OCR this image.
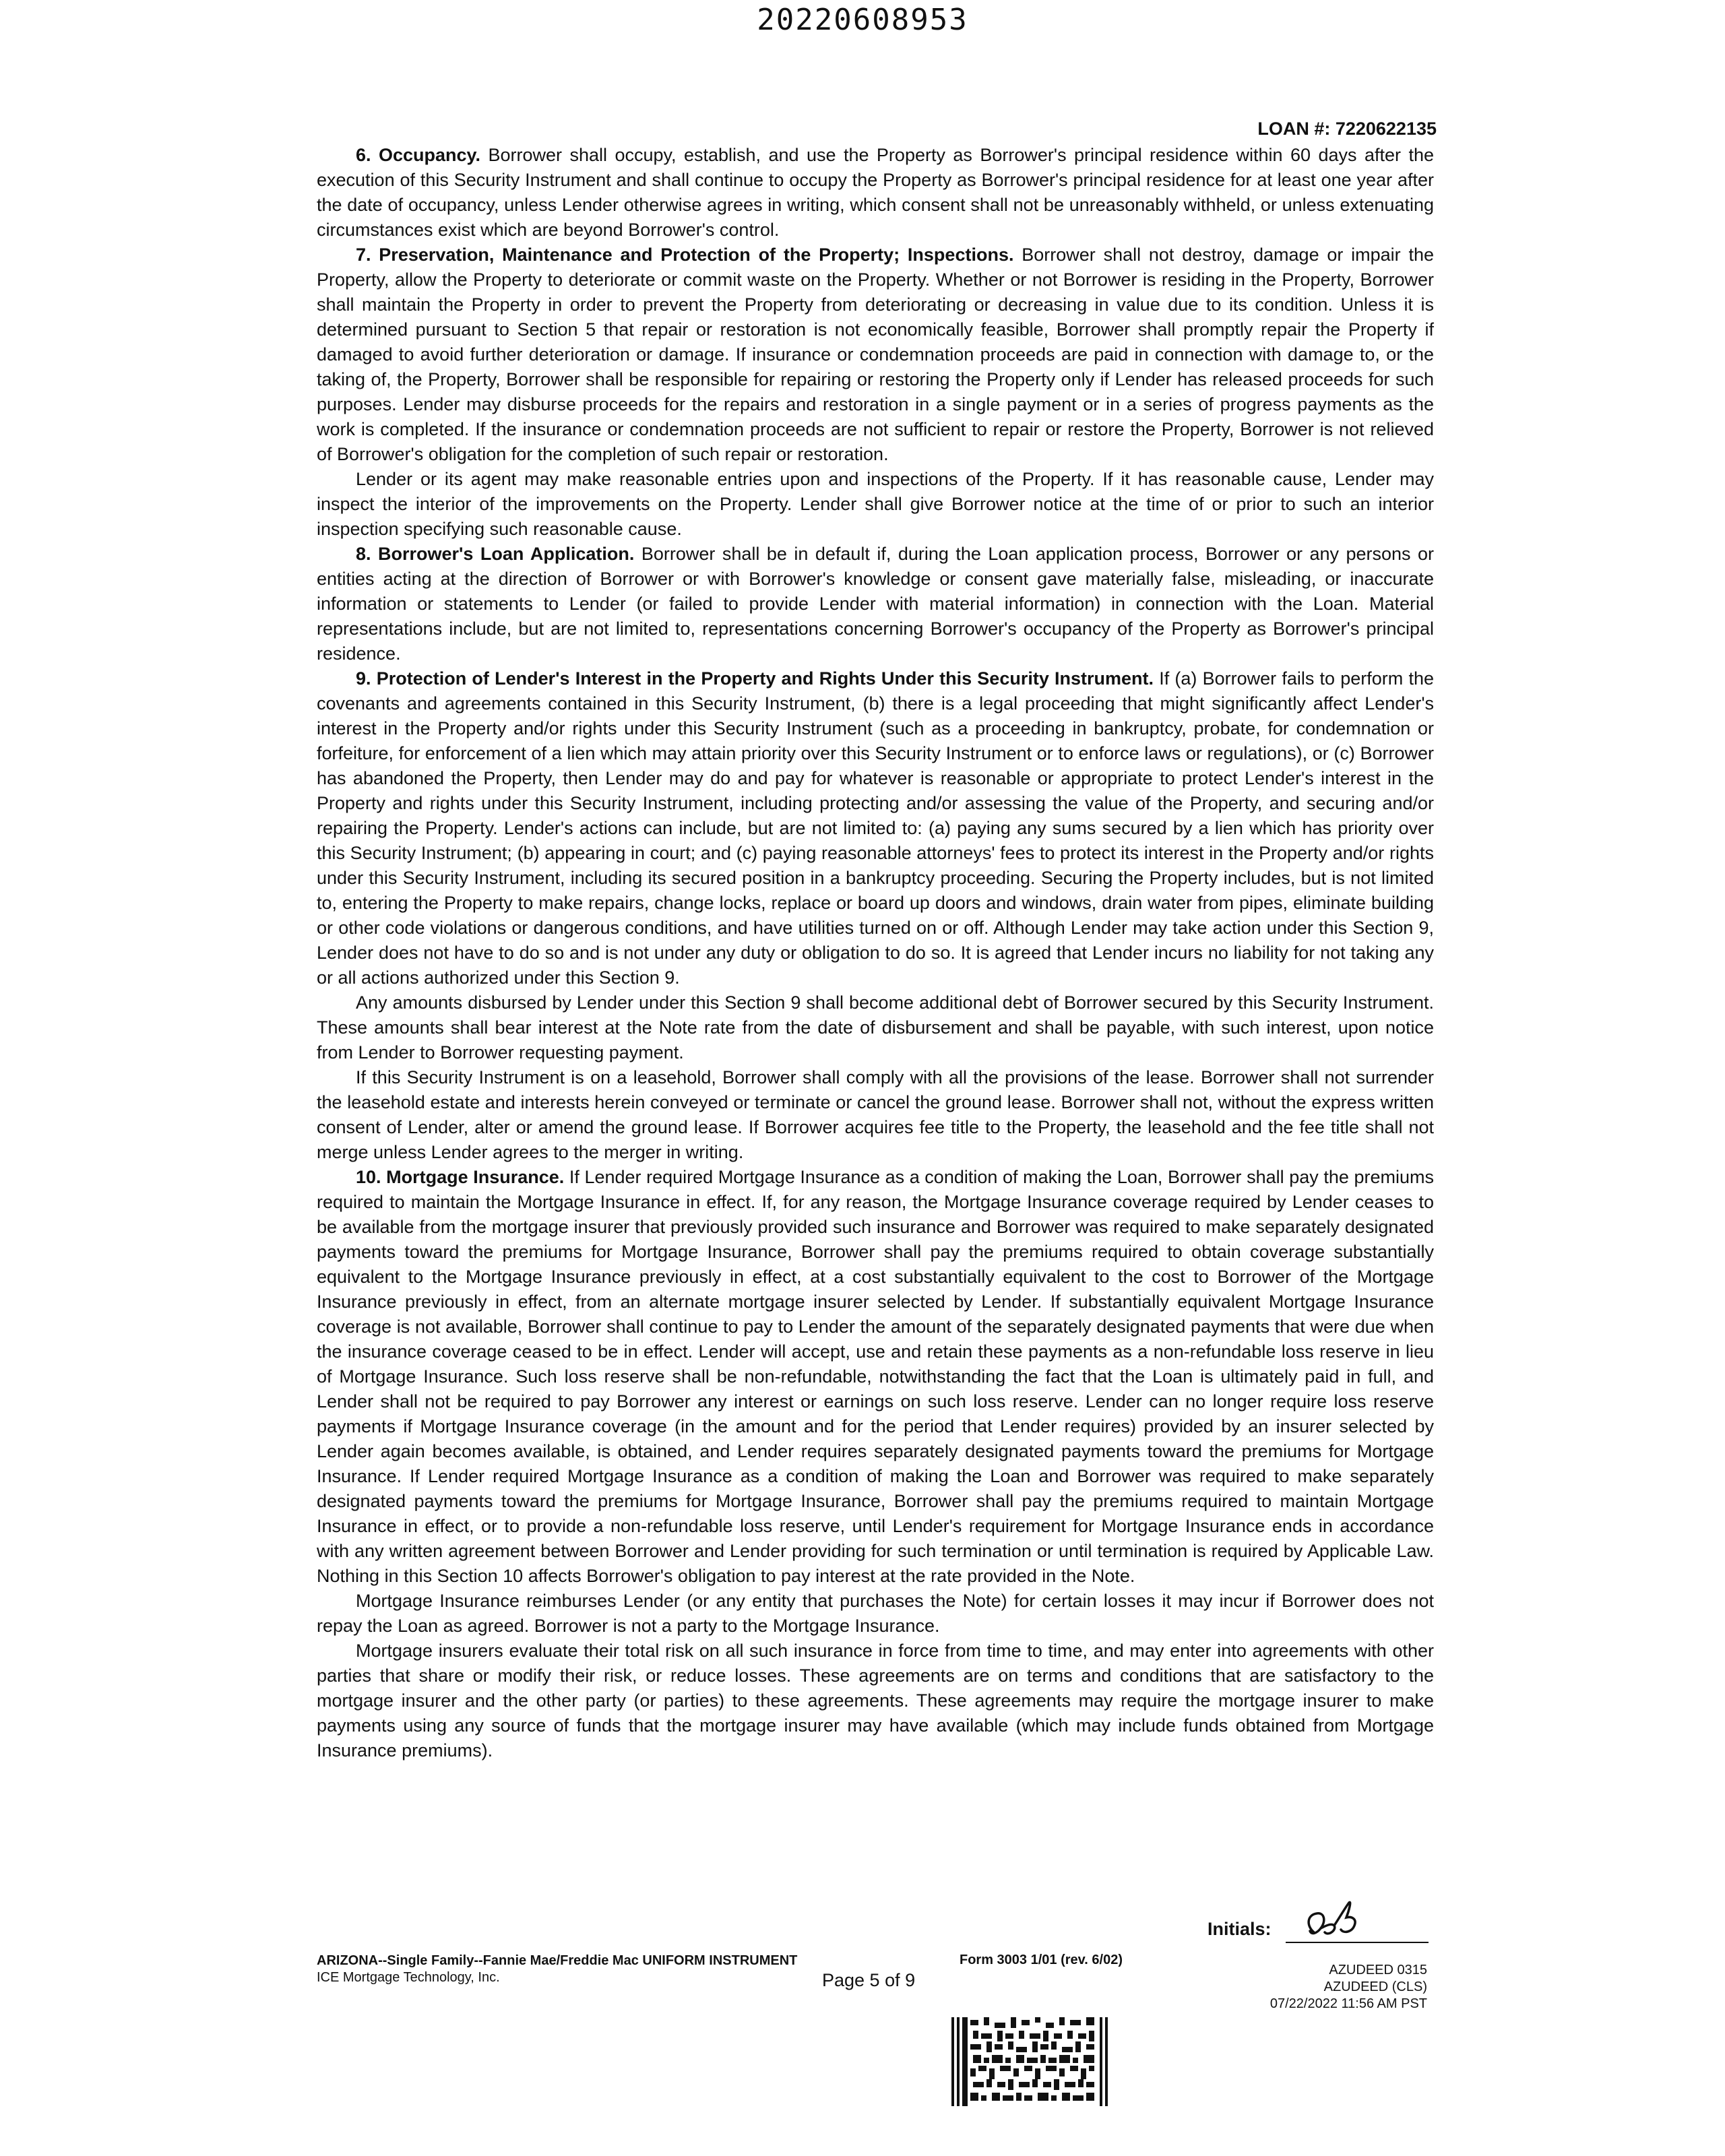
20220608953
LOAN #: 7220622135

6. Occupancy. Borrower shall occupy, establish, and use the Property as Borrower's principal residence within 60 days after the execution of this Security Instrument and shall continue to occupy the Property as Borrower's principal residence for at least one year after the date of occupancy, unless Lender otherwise agrees in writing, which consent shall not be unreasonably withheld, or unless extenuating circumstances exist which are beyond Borrower's control.

7. Preservation, Maintenance and Protection of the Property; Inspections. Borrower shall not destroy, damage or impair the Property, allow the Property to deteriorate or commit waste on the Property. Whether or not Borrower is residing in the Property, Borrower shall maintain the Property in order to prevent the Property from deteriorating or decreasing in value due to its condition. Unless it is determined pursuant to Section 5 that repair or restoration is not economically feasible, Borrower shall promptly repair the Property if damaged to avoid further deterioration or damage. If insurance or condemnation proceeds are paid in connection with damage to, or the taking of, the Property, Borrower shall be responsible for repairing or restoring the Property only if Lender has released proceeds for such purposes. Lender may disburse proceeds for the repairs and restoration in a single payment or in a series of progress payments as the work is completed. If the insurance or condemnation proceeds are not sufficient to repair or restore the Property, Borrower is not relieved of Borrower's obligation for the completion of such repair or restoration.

Lender or its agent may make reasonable entries upon and inspections of the Property. If it has reasonable cause, Lender may inspect the interior of the improvements on the Property. Lender shall give Borrower notice at the time of or prior to such an interior inspection specifying such reasonable cause.

8. Borrower's Loan Application. Borrower shall be in default if, during the Loan application process, Borrower or any persons or entities acting at the direction of Borrower or with Borrower's knowledge or consent gave materially false, misleading, or inaccurate information or statements to Lender (or failed to provide Lender with material information) in connection with the Loan. Material representations include, but are not limited to, representations concerning Borrower's occupancy of the Property as Borrower's principal residence.

9. Protection of Lender's Interest in the Property and Rights Under this Security Instrument. If (a) Borrower fails to perform the covenants and agreements contained in this Security Instrument, (b) there is a legal proceeding that might significantly affect Lender's interest in the Property and/or rights under this Security Instrument (such as a proceeding in bankruptcy, probate, for condemnation or forfeiture, for enforcement of a lien which may attain priority over this Security Instrument or to enforce laws or regulations), or (c) Borrower has abandoned the Property, then Lender may do and pay for whatever is reasonable or appropriate to protect Lender's interest in the Property and rights under this Security Instrument, including protecting and/or assessing the value of the Property, and securing and/or repairing the Property. Lender's actions can include, but are not limited to: (a) paying any sums secured by a lien which has priority over this Security Instrument; (b) appearing in court; and (c) paying reasonable attorneys' fees to protect its interest in the Property and/or rights under this Security Instrument, including its secured position in a bankruptcy proceeding. Securing the Property includes, but is not limited to, entering the Property to make repairs, change locks, replace or board up doors and windows, drain water from pipes, eliminate building or other code violations or dangerous conditions, and have utilities turned on or off. Although Lender may take action under this Section 9, Lender does not have to do so and is not under any duty or obligation to do so. It is agreed that Lender incurs no liability for not taking any or all actions authorized under this Section 9.

Any amounts disbursed by Lender under this Section 9 shall become additional debt of Borrower secured by this Security Instrument. These amounts shall bear interest at the Note rate from the date of disbursement and shall be payable, with such interest, upon notice from Lender to Borrower requesting payment.

If this Security Instrument is on a leasehold, Borrower shall comply with all the provisions of the lease. Borrower shall not surrender the leasehold estate and interests herein conveyed or terminate or cancel the ground lease. Borrower shall not, without the express written consent of Lender, alter or amend the ground lease. If Borrower acquires fee title to the Property, the leasehold and the fee title shall not merge unless Lender agrees to the merger in writing.

10. Mortgage Insurance. If Lender required Mortgage Insurance as a condition of making the Loan, Borrower shall pay the premiums required to maintain the Mortgage Insurance in effect. If, for any reason, the Mortgage Insurance coverage required by Lender ceases to be available from the mortgage insurer that previously provided such insurance and Borrower was required to make separately designated payments toward the premiums for Mortgage Insurance, Borrower shall pay the premiums required to obtain coverage substantially equivalent to the Mortgage Insurance previously in effect, at a cost substantially equivalent to the cost to Borrower of the Mortgage Insurance previously in effect, from an alternate mortgage insurer selected by Lender. If substantially equivalent Mortgage Insurance coverage is not available, Borrower shall continue to pay to Lender the amount of the separately designated payments that were due when the insurance coverage ceased to be in effect. Lender will accept, use and retain these payments as a non-refundable loss reserve in lieu of Mortgage Insurance. Such loss reserve shall be non-refundable, notwithstanding the fact that the Loan is ultimately paid in full, and Lender shall not be required to pay Borrower any interest or earnings on such loss reserve. Lender can no longer require loss reserve payments if Mortgage Insurance coverage (in the amount and for the period that Lender requires) provided by an insurer selected by Lender again becomes available, is obtained, and Lender requires separately designated payments toward the premiums for Mortgage Insurance. If Lender required Mortgage Insurance as a condition of making the Loan and Borrower was required to make separately designated payments toward the premiums for Mortgage Insurance, Borrower shall pay the premiums required to maintain Mortgage Insurance in effect, or to provide a non-refundable loss reserve, until Lender's requirement for Mortgage Insurance ends in accordance with any written agreement between Borrower and Lender providing for such termination or until termination is required by Applicable Law. Nothing in this Section 10 affects Borrower's obligation to pay interest at the rate provided in the Note.

Mortgage Insurance reimburses Lender (or any entity that purchases the Note) for certain losses it may incur if Borrower does not repay the Loan as agreed. Borrower is not a party to the Mortgage Insurance.

Mortgage insurers evaluate their total risk on all such insurance in force from time to time, and may enter into agreements with other parties that share or modify their risk, or reduce losses. These agreements are on terms and conditions that are satisfactory to the mortgage insurer and the other party (or parties) to these agreements. These agreements may require the mortgage insurer to make payments using any source of funds that the mortgage insurer may have available (which may include funds obtained from Mortgage Insurance premiums).

Initials:
ARIZONA--Single Family--Fannie Mae/Freddie Mac UNIFORM INSTRUMENT
ICE Mortgage Technology, Inc.
Form 3003 1/01 (rev. 6/02)
Page 5 of 9	AZUDEED 0315
AZUDEED (CLS)
07/22/2022 11:56 AM PST
